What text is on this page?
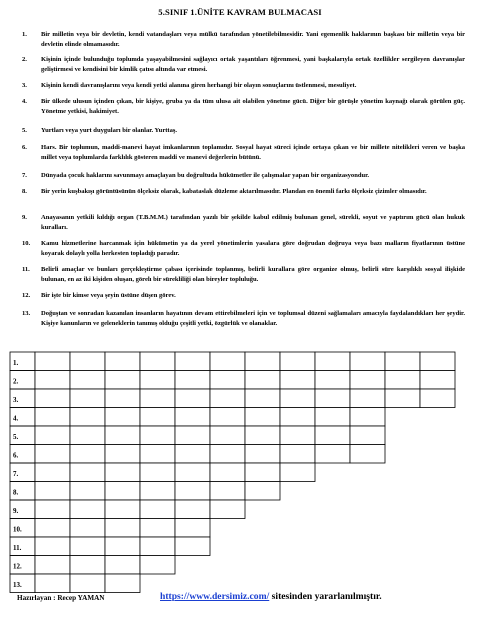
5.SINIF 1.ÜNİTE KAVRAM BULMACASI
1.	Bir milletin veya bir devletin, kendi vatandaşları veya mülkü tarafından yönetilebilmesidir. Yani egemenlik haklarının başkası bir milletin veya bir devletin elinde olmamasıdır.
2.	Kişinin içinde bulunduğu toplumda yaşayabilmesini sağlayıcı ortak yaşantıları öğrenmesi, yani başkalarıyla ortak özellikler sergileyen davranışlar geliştirmesi ve kendisini bir kimlik çatısı altında var etmesi.
3.	Kişinin kendi davranışlarını veya kendi yetki alanına giren herhangi bir olayın sonuçlarını üstlenmesi, mesuliyet.
4.	Bir ülkede ulusun içinden çıkan, bir kişiye, gruba ya da tüm ulusa ait olabilen yönetme gücü. Diğer bir görüşle yönetim kaynağı olarak görülen güç. Yönetme yetkisi, hakimiyet.
5.	Yurtları veya yurt duyguları bir olanlar. Yurttaş.
6.	Hars. Bir toplumun, maddi-manevi hayat imkanlarının toplamıdır. Sosyal hayat süreci içinde ortaya çıkan ve bir millete nitelikleri veren ve başka millet veya toplumlarda farklılık gösteren maddi ve manevi değerlerin bütünü.
7.	Dünyada çocuk haklarını savunmayı amaçlayan bu doğrultuda hükümetler ile çalışmalar yapan bir organizasyondur.
8.	Bir yerin kuşbakışı görüntüsünün ölçeksiz olarak, kabataslak düzleme aktarılmasıdır. Plandan en önemli farkı ölçeksiz çizimler olmasıdır.
9.	Anayasanın yetkili kıldığı organ (T.B.M.M.) tarafından yazılı bir şekilde kabul edilmiş bulunan genel, sürekli, soyut ve yaptırım gücü olan hukuk kuralları.
10.	Kamu hizmetlerine harcanmak için hükümetin ya da yerel yönetimlerin yasalara göre doğrudan doğruya veya bazı malların fiyatlarının üstüne koyarak dolaylı yolla herkesten topladığı paradır.
11.	Belirli amaçlar ve bunları gerçekleştirme çabası içerisinde toplanmış, belirli kurallara göre organize olmuş, belirli süre karşılıklı sosyal ilişkide bulunan, en az iki kişiden oluşan, görelı bir sürekliliği olan bireyler topluluğu.
12.	Bir işte bir kimse veya şeyin üstüne düşen görev.
13.	Doğuştan ve sonradan kazanılan insanların hayatının devam ettirebilmeleri için ve toplumsal düzeni sağlamaları amacıyla faydalandıkları her şeydir. Kişiye kanunların ve geleneklerin tanımış olduğu çeşitli yetki, özgürlük ve olanaklar.
1.
2.
3.
4.
5.
6.
7.
8.
9.
10.
11.
12.
13.
Hazırlayan : Recep YAMAN	https://www.dersimiz.com/ sitesinden yararlanılmıştır.
